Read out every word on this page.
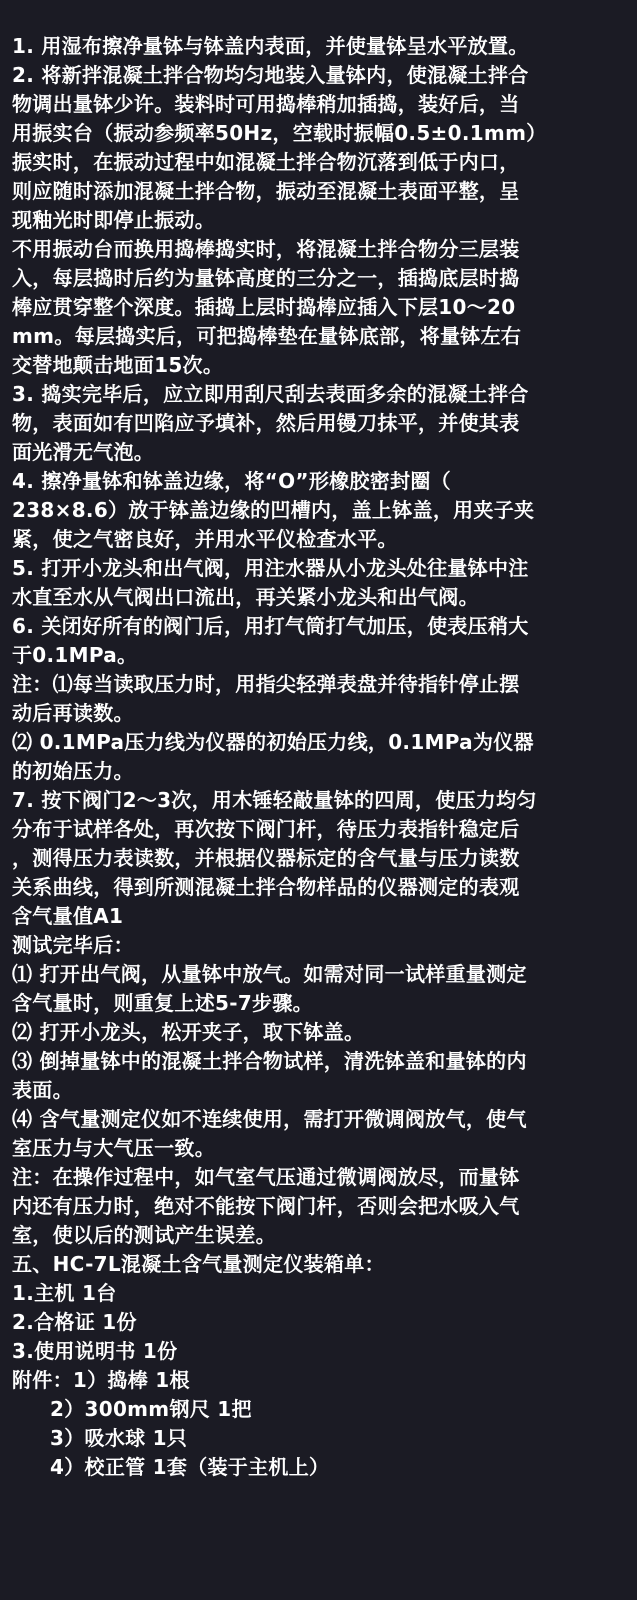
1. 用湿布擦净量钵与钵盖内表面，并使量钵呈水平放置。
2. 将新拌混凝土拌合物均匀地装入量钵内，使混凝土拌合
物调出量钵少许。装料时可用捣棒稍加插捣，装好后，当
用振实台（振动参频率50Hz，空载时振幅0.5±0.1mm）
振实时，在振动过程中如混凝土拌合物沉落到低于内口，
则应随时添加混凝土拌合物，振动至混凝土表面平整，呈
现釉光时即停止振动。
不用振动台而换用捣棒捣实时，将混凝土拌合物分三层装
入，每层捣时后约为量钵高度的三分之一，插捣底层时捣
棒应贯穿整个深度。插捣上层时捣棒应插入下层10～20
mm。每层捣实后，可把捣棒垫在量钵底部，将量钵左右
交替地颠击地面15次。
3. 捣实完毕后，应立即用刮尺刮去表面多余的混凝土拌合
物，表面如有凹陷应予填补，然后用镘刀抹平，并使其表
面光滑无气泡。
4. 擦净量钵和钵盖边缘，将“O”形橡胶密封圈（
238×8.6）放于钵盖边缘的凹槽内，盖上钵盖，用夹子夹
紧，使之气密良好，并用水平仪检查水平。
5. 打开小龙头和出气阀，用注水器从小龙头处往量钵中注
水直至水从气阀出口流出，再关紧小龙头和出气阀。
6. 关闭好所有的阀门后，用打气筒打气加压，使表压稍大
于0.1MPa。
注：⑴每当读取压力时，用指尖轻弹表盘并待指针停止摆
动后再读数。
⑵ 0.1MPa压力线为仪器的初始压力线，0.1MPa为仪器
的初始压力。
7. 按下阀门2～3次，用木锤轻敲量钵的四周，使压力均匀
分布于试样各处，再次按下阀门杆，待压力表指针稳定后
，测得压力表读数，并根据仪器标定的含气量与压力读数
关系曲线，得到所测混凝土拌合物样品的仪器测定的表观
含气量值A1
测试完毕后：
⑴ 打开出气阀，从量钵中放气。如需对同一试样重量测定
含气量时，则重复上述5-7步骤。
⑵ 打开小龙头，松开夹子，取下钵盖。
⑶ 倒掉量钵中的混凝土拌合物试样，清洗钵盖和量钵的内
表面。
⑷ 含气量测定仪如不连续使用，需打开微调阀放气，使气
室压力与大气压一致。
注：在操作过程中，如气室气压通过微调阀放尽，而量钵
内还有压力时，绝对不能按下阀门杆，否则会把水吸入气
室，使以后的测试产生误差。
五、HC-7L混凝土含气量测定仪装箱单：
1.主机 1台
2.合格证 1份
3.使用说明书 1份
附件：1）捣棒 1根
2）300mm钢尺 1把
3）吸水球 1只
4）校正管 1套（装于主机上）
